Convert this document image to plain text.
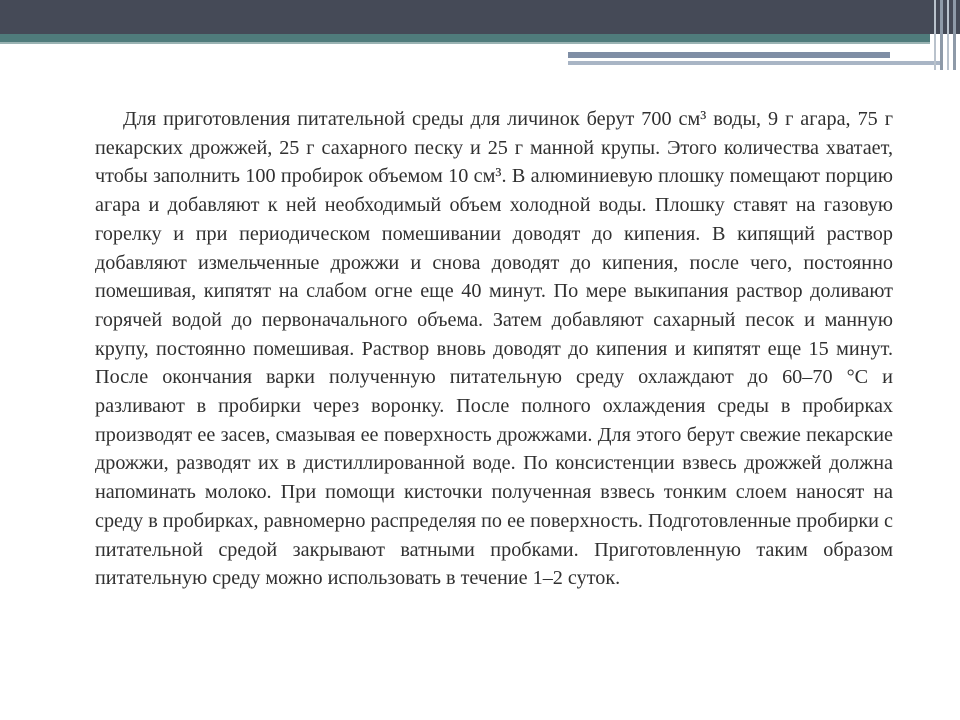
Для приготовления питательной среды для личинок берут 700 см³ воды, 9 г агара, 75 г пекарских дрожжей, 25 г сахарного песку и 25 г манной крупы. Этого количества хватает, чтобы заполнить 100 пробирок объемом 10 см³. В алюминиевую плошку помещают порцию агара и добавляют к ней необходимый объем холодной воды. Плошку ставят на газовую горелку и при периодическом помешивании доводят до кипения. В кипящий раствор добавляют измельченные дрожжи и снова доводят до кипения, после чего, постоянно помешивая, кипятят на слабом огне еще 40 минут. По мере выкипания раствор доливают горячей водой до первоначального объема. Затем добавляют сахарный песок и манную крупу, постоянно помешивая. Раствор вновь доводят до кипения и кипятят еще 15 минут. После окончания варки полученную питательную среду охлаждают до 60–70 °С и разливают в пробирки через воронку. После полного охлаждения среды в пробирках производят ее засев, смазывая ее поверхность дрожжами. Для этого берут свежие пекарские дрожжи, разводят их в дистиллированной воде. По консистенции взвесь дрожжей должна напоминать молоко. При помощи кисточки полученная взвесь тонким слоем наносят на среду в пробирках, равномерно распределяя по ее поверхность. Подготовленные пробирки с питательной средой закрывают ватными пробками. Приготовленную таким образом питательную среду можно использовать в течение 1–2 суток.
